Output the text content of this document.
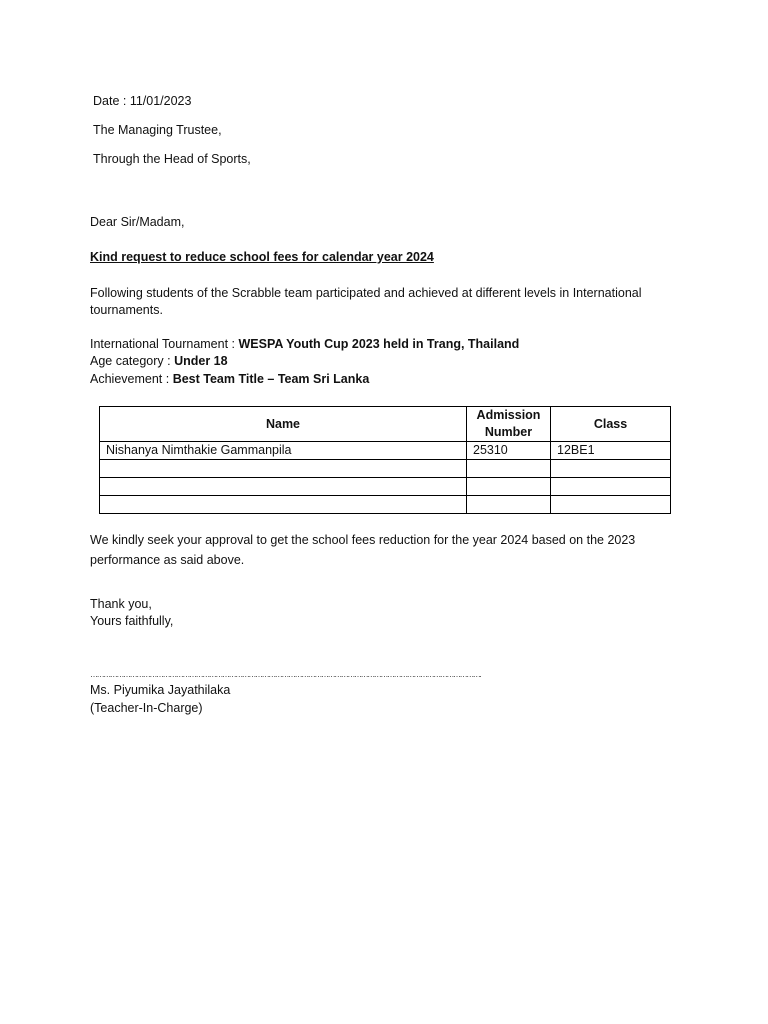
Date : 11/01/2023
The Managing Trustee,
Through the Head of Sports,
Dear Sir/Madam,
Kind request to reduce school fees for calendar year 2024
Following students of the Scrabble team participated and achieved at different levels in International tournaments.
International Tournament : WESPA Youth Cup 2023 held in Trang, Thailand
Age category : Under 18
Achievement : Best Team Title – Team Sri Lanka
Name	Admission Number	Class
Nishanya Nimthakie Gammanpila	25310	12BE1

We kindly seek your approval to get the school fees reduction for the year 2024 based on the 2023 performance as said above.
Thank you,
Yours faithfully,
…………………………………………………………………………………………………………………………………………………………….
Ms. Piyumika Jayathilaka
(Teacher-In-Charge)
